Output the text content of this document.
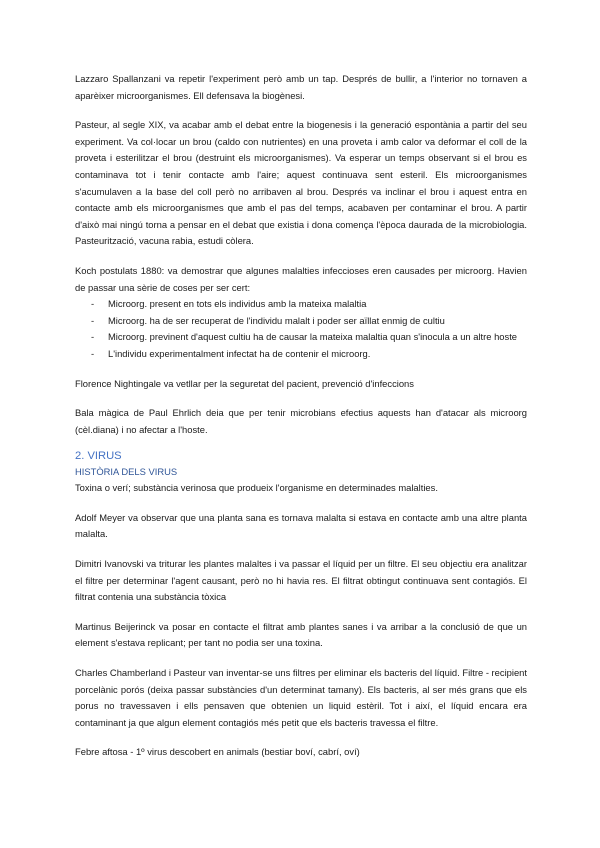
Lazzaro Spallanzani va repetir l'experiment però amb un tap. Després de bullir, a l'interior no tornaven a aparèixer microorganismes. Ell defensava la biogènesi.

Pasteur, al segle XIX, va acabar amb el debat entre la biogenesis i la generació espontània a partir del seu experiment. Va col·locar un brou (caldo con nutrientes) en una proveta i amb calor va deformar el coll de la proveta i esterilitzar el brou (destruint els microorganismes). Va esperar un temps observant si el brou es contaminava tot i tenir contacte amb l'aire; aquest continuava sent esteril. Els microorganismes s'acumulaven a la base del coll però no arribaven al brou. Després va inclinar el brou i aquest entra en contacte amb els microorganismes que amb el pas del temps, acabaven per contaminar el brou. A partir d'això mai ningú torna a pensar en el debat que existia i dona comença l'època daurada de la microbiologia. Pasteurització, vacuna rabia, estudi còlera.

Koch postulats 1880: va demostrar que algunes malalties infeccioses eren causades per microorg. Havien de passar una sèrie de coses per ser cert:

- Microorg. present en tots els individus amb la mateixa malaltia
- Microorg. ha de ser recuperat de l'individu malalt i poder ser aïllat enmig de cultiu
- Microorg. previnent d'aquest cultiu ha de causar la mateixa malaltia quan s'inocula a un altre hoste
- L'individu experimentalment infectat ha de contenir el microorg.

Florence Nightingale va vetllar per la seguretat del pacient, prevenció d'infeccions

Bala màgica de Paul Ehrlich deia que per tenir microbians efectius aquests han d'atacar als microorg (cèl.diana) i no afectar a l'hoste.

2. VIRUS
HISTÒRIA DELS VIRUS

Toxina o verí; substància verinosa que produeix l'organisme en determinades malalties.

Adolf Meyer va observar que una planta sana es tornava malalta si estava en contacte amb una altre planta malalta.

Dimitri Ivanovski va triturar les plantes malaltes i va passar el líquid per un filtre. El seu objectiu era analitzar el filtre per determinar l'agent causant, però no hi havia res. El filtrat obtingut continuava sent contagiós. El filtrat contenia una substància tòxica

Martinus Beijerinck va posar en contacte el filtrat amb plantes sanes i va arribar a la conclusió de que un element s'estava replicant; per tant no podia ser una toxina.

Charles Chamberland i Pasteur van inventar-se uns filtres per eliminar els bacteris del líquid. Filtre - recipient porcelànic porós (deixa passar substàncies d'un determinat tamany). Els bacteris, al ser més grans que els porus no travessaven i ells pensaven que obtenien un liquid estèril. Tot i així, el líquid encara era contaminant ja que algun element contagiós més petit que els bacteris travessa el filtre.

Febre aftosa - 1º virus descobert en animals (bestiar boví, cabrí, oví)
